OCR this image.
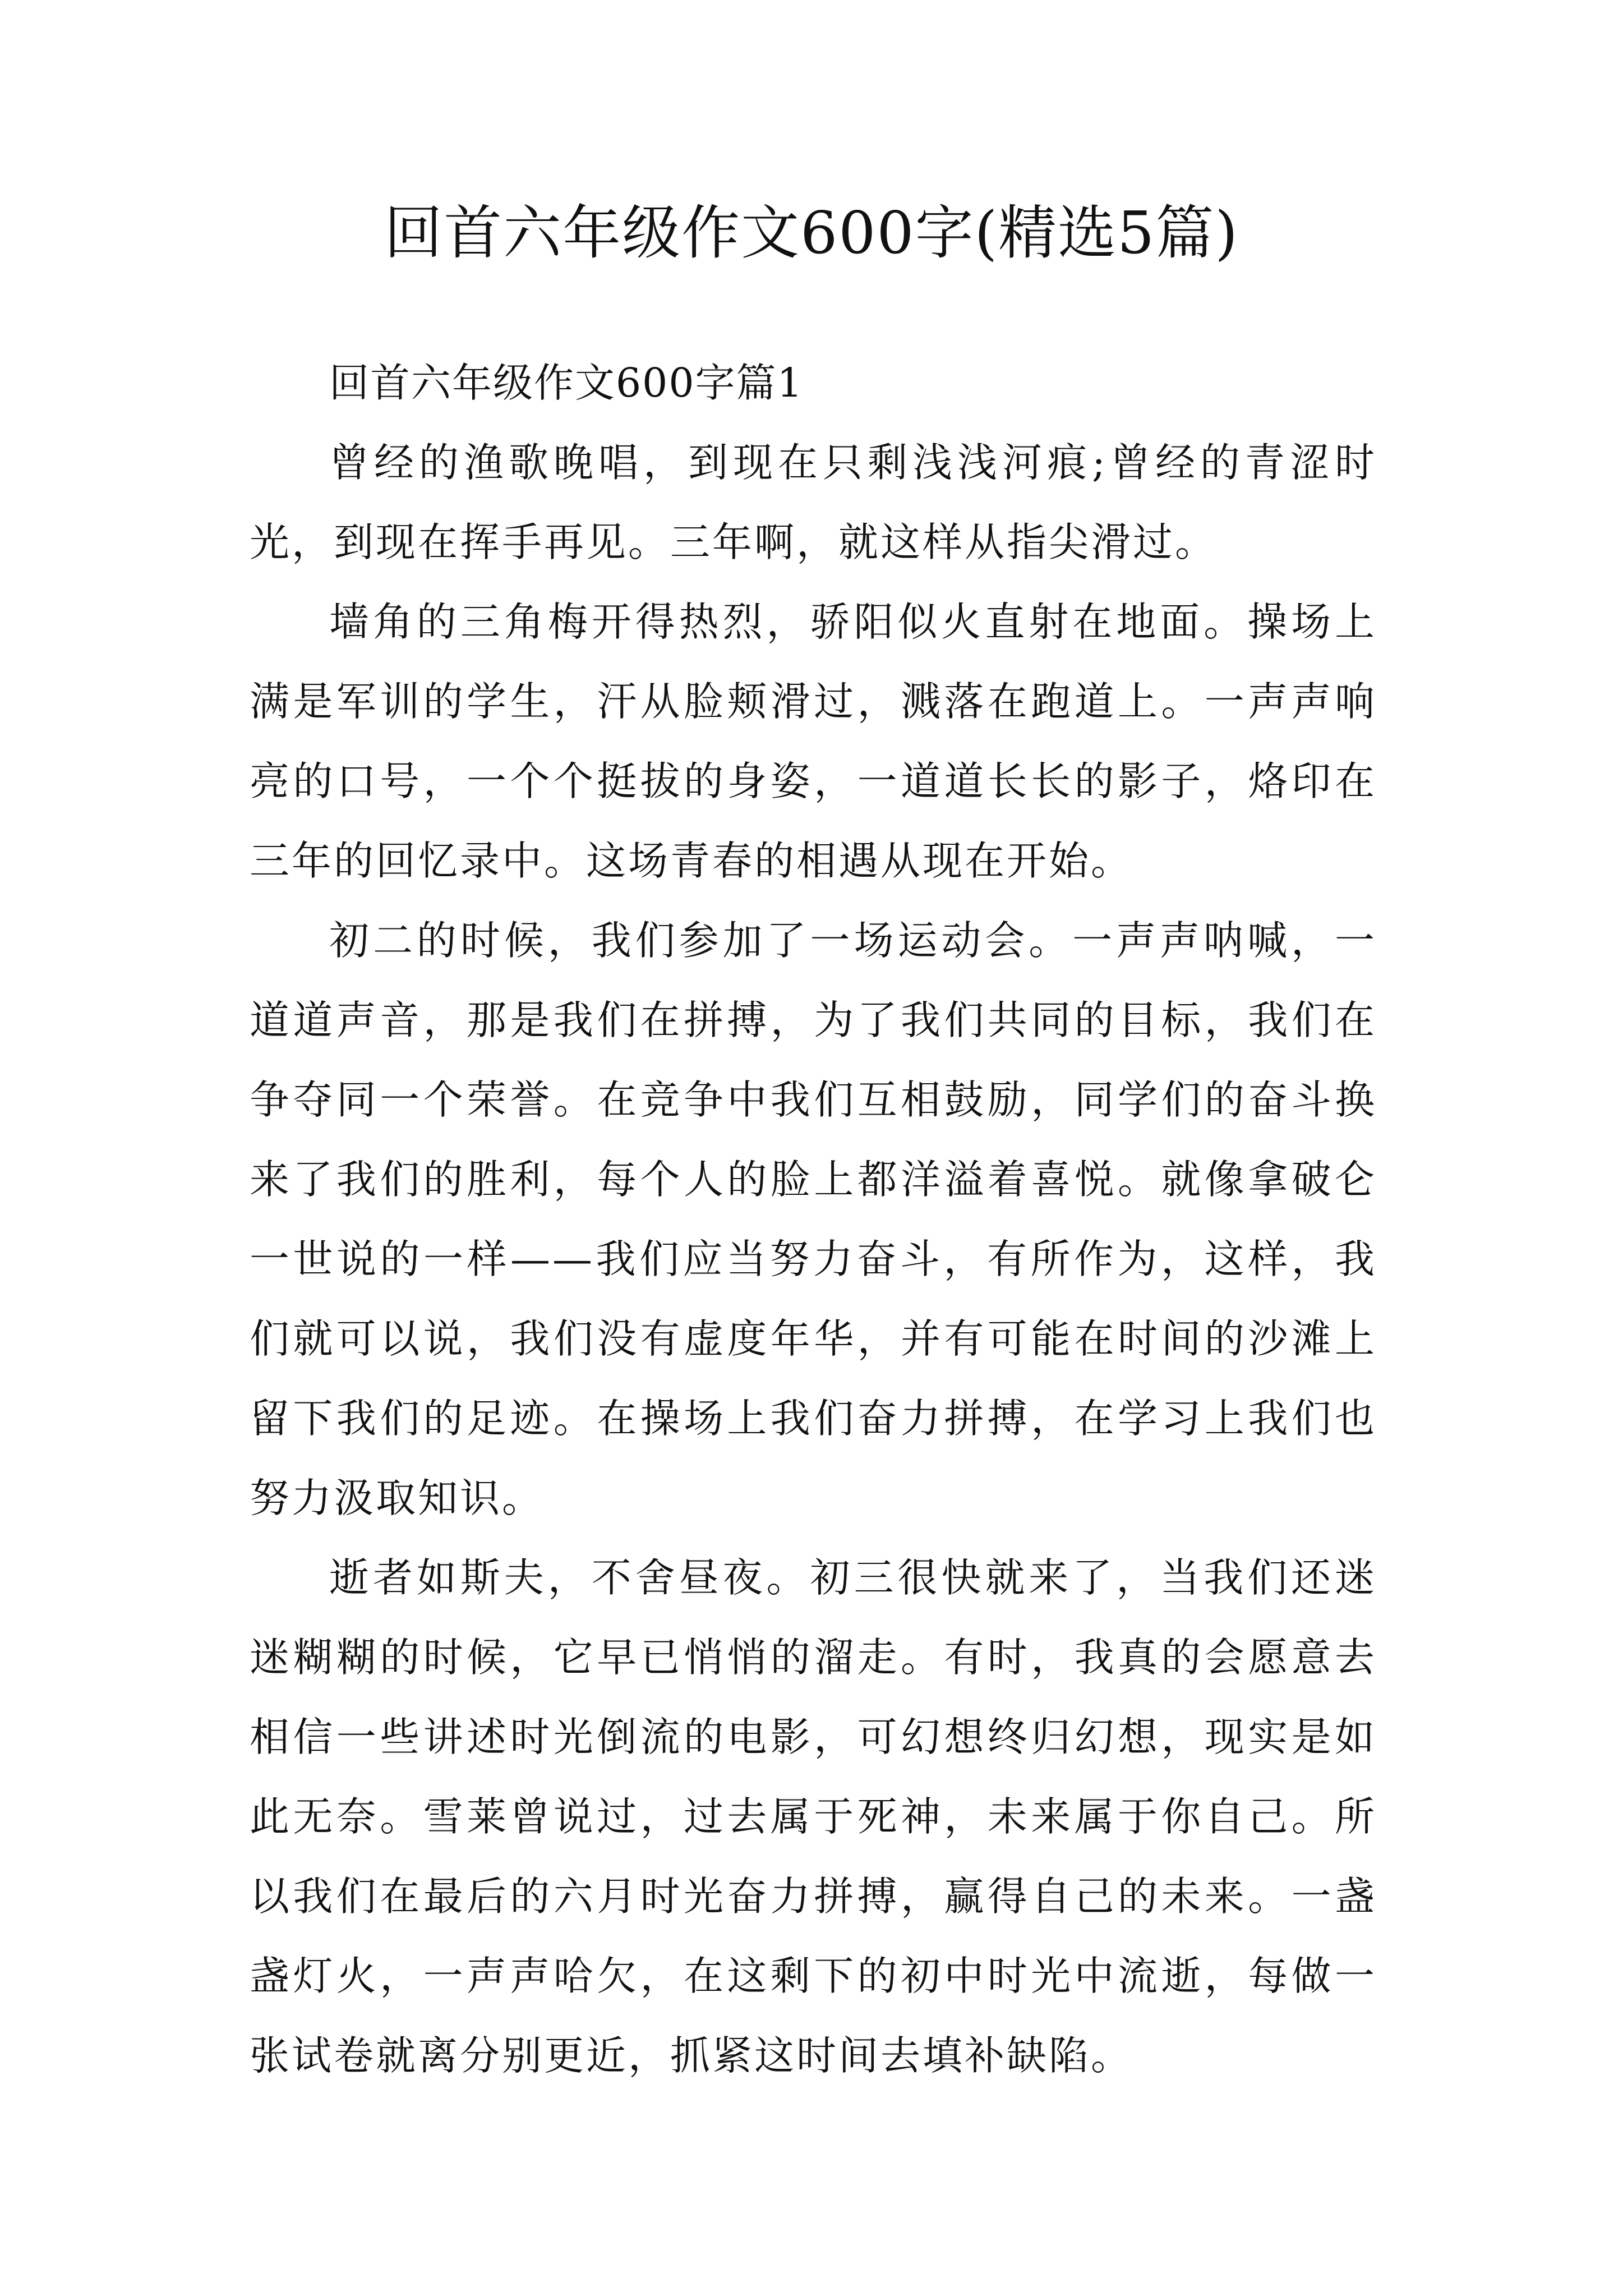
回首六年级作文600字(精选5篇)

回首六年级作文600字篇1

曾经的渔歌晚唱，到现在只剩浅浅河痕;曾经的青涩时光，到现在挥手再见。三年啊，就这样从指尖滑过。

墙角的三角梅开得热烈，骄阳似火直射在地面。操场上满是军训的学生，汗从脸颊滑过，溅落在跑道上。一声声响亮的口号，一个个挺拔的身姿，一道道长长的影子，烙印在三年的回忆录中。这场青春的相遇从现在开始。

初二的时候，我们参加了一场运动会。一声声呐喊，一道道声音，那是我们在拼搏，为了我们共同的目标，我们在争夺同一个荣誉。在竞争中我们互相鼓励，同学们的奋斗换来了我们的胜利，每个人的脸上都洋溢着喜悦。就像拿破仑一世说的一样——我们应当努力奋斗，有所作为，这样，我们就可以说，我们没有虚度年华，并有可能在时间的沙滩上留下我们的足迹。在操场上我们奋力拼搏，在学习上我们也努力汲取知识。

逝者如斯夫，不舍昼夜。初三很快就来了，当我们还迷迷糊糊的时候，它早已悄悄的溜走。有时，我真的会愿意去相信一些讲述时光倒流的电影，可幻想终归幻想，现实是如此无奈。雪莱曾说过，过去属于死神，未来属于你自己。所以我们在最后的六月时光奋力拼搏，赢得自己的未来。一盏盏灯火，一声声哈欠，在这剩下的初中时光中流逝，每做一张试卷就离分别更近，抓紧这时间去填补缺陷。
